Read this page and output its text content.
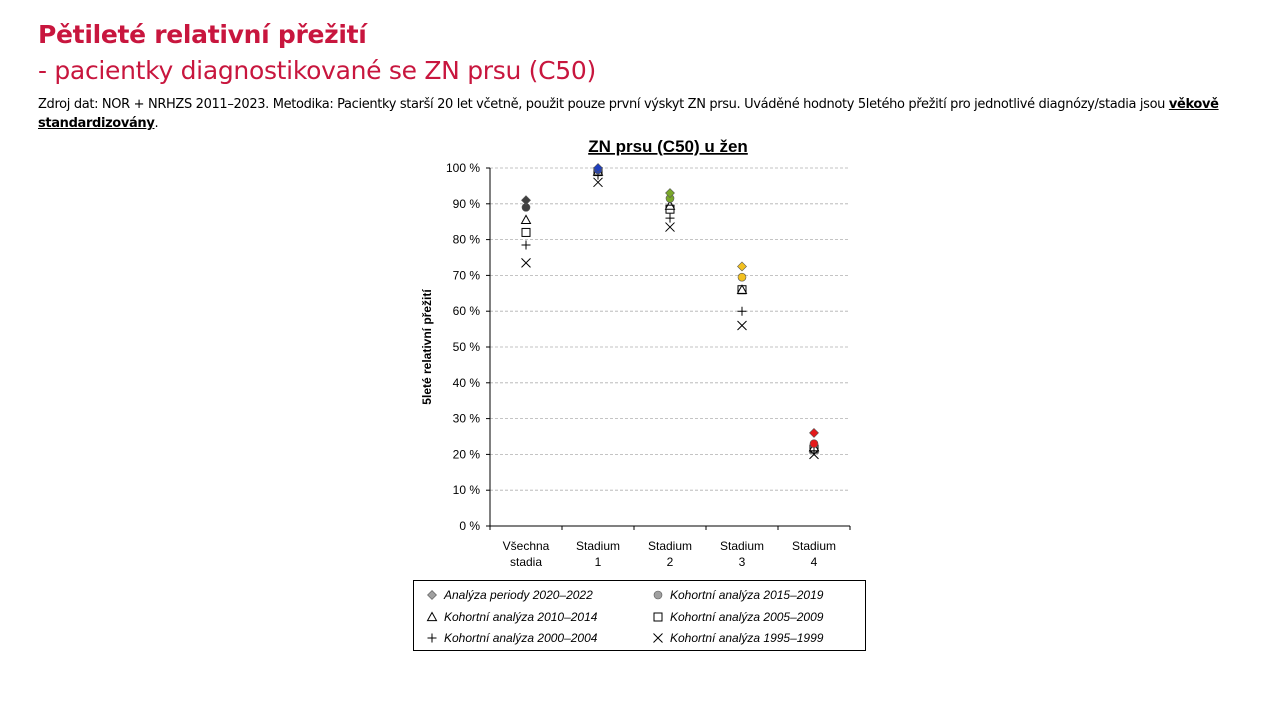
Pětileté relativní přežití
- pacientky diagnostikované se ZN prsu (C50)
Zdroj dat: NOR + NRHZS 2011–2023. Metodika: Pacientky starší 20 let včetně, použit pouze první výskyt ZN prsu. Uváděné hodnoty 5letého přežití pro jednotlivé diagnózy/stadia jsou věkově standardizovány.
ZN prsu (C50) u žen
0 %
10 %
20 %
30 %
40 %
50 %
60 %
70 %
80 %
90 %
100 %
5leté relativní přežití
Všechna
stadia
Stadium
1
Stadium
2
Stadium
3
Stadium
4
Analýza periody 2020–2022	Kohortní analýza 2015–2019
Kohortní analýza 2010–2014	Kohortní analýza 2005–2009
Kohortní analýza 2000–2004	Kohortní analýza 1995–1999
